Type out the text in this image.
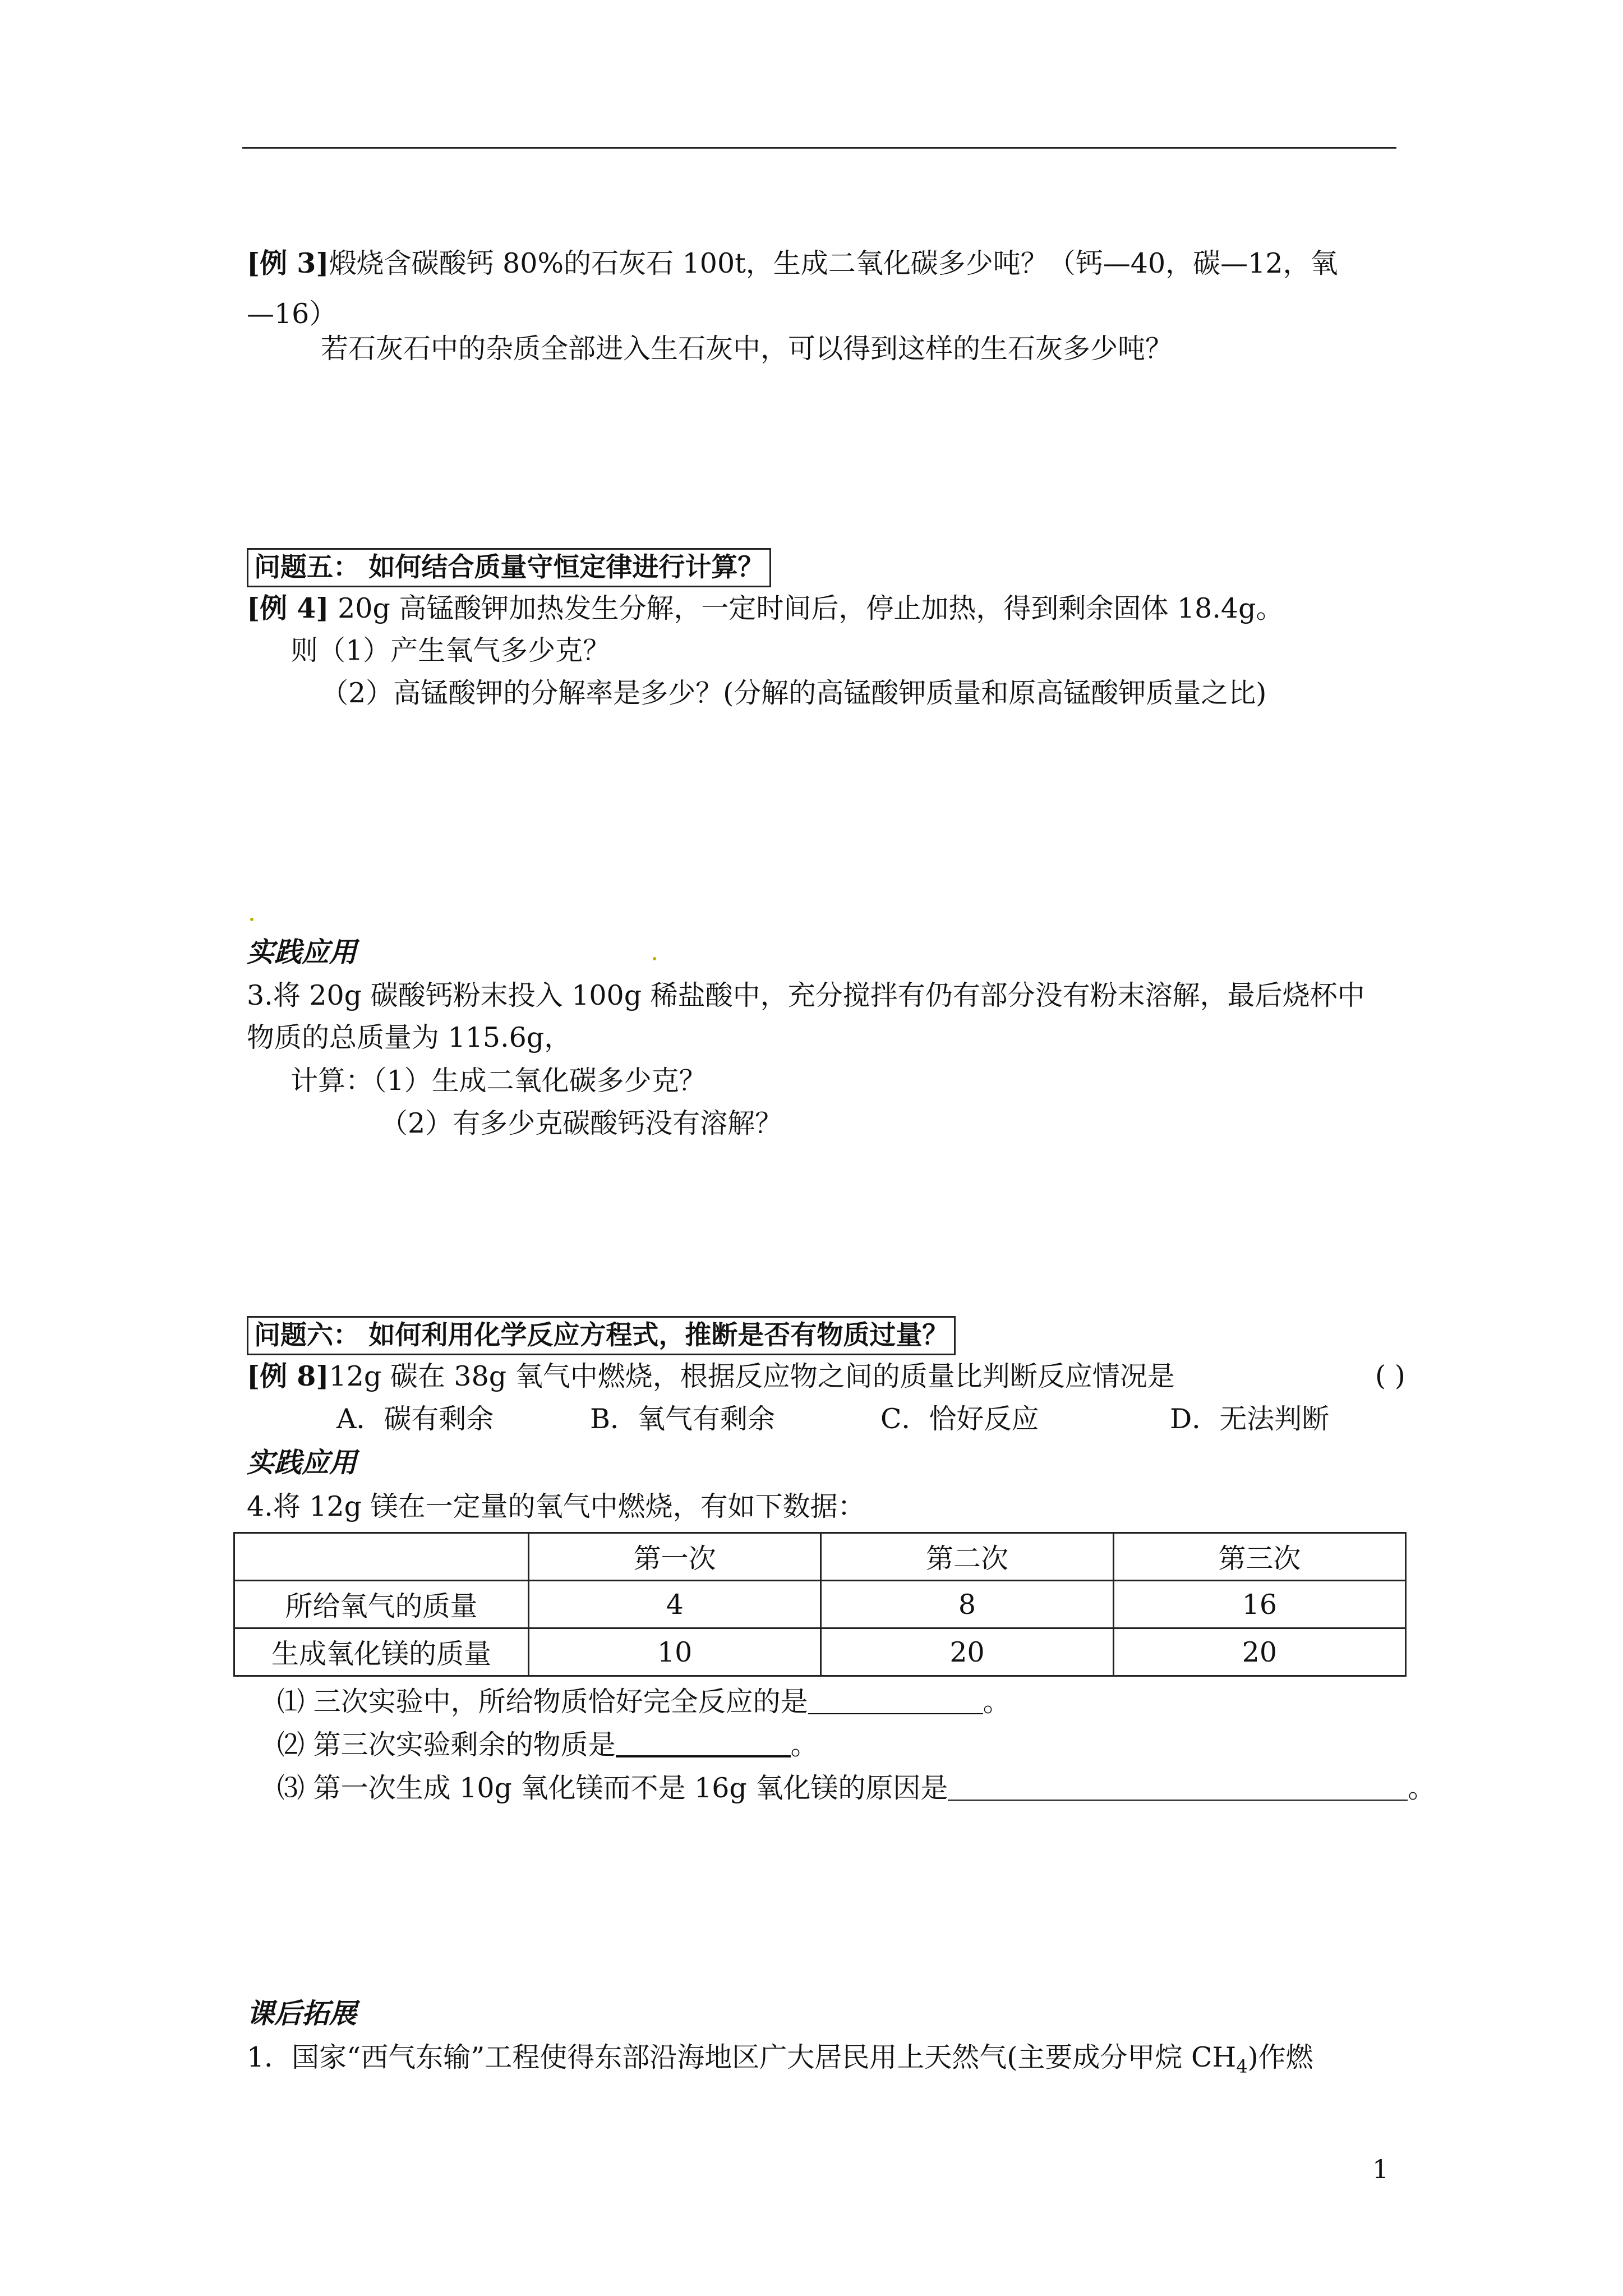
[例 3]煅烧含碳酸钙 80%的石灰石 100t，生成二氧化碳多少吨？（钙—40，碳—12，氧
—16）
若石灰石中的杂质全部进入生石灰中，可以得到这样的生石灰多少吨？
问题五： 如何结合质量守恒定律进行计算？
[例 4] 20g 高锰酸钾加热发生分解，一定时间后，停止加热，得到剩余固体 18.4g。
则（1）产生氧气多少克？
（2）高锰酸钾的分解率是多少？(分解的高锰酸钾质量和原高锰酸钾质量之比)
实践应用
3.将 20g 碳酸钙粉末投入 100g 稀盐酸中，充分搅拌有仍有部分没有粉末溶解，最后烧杯中
物质的总质量为 115.6g，
计算：（1）生成二氧化碳多少克？
（2）有多少克碳酸钙没有溶解？
问题六： 如何利用化学反应方程式，推断是否有物质过量？
[例 8]12g 碳在 38g 氧气中燃烧，根据反应物之间的质量比判断反应情况是	( )
A．碳有剩余	B．氧气有剩余	C．恰好反应	D．无法判断
实践应用
4.将 12g 镁在一定量的氧气中燃烧，有如下数据：
	第一次	第二次	第三次
所给氧气的质量	4	8	16
生成氧化镁的质量	10	20	20
⑴ 三次实验中，所给物质恰好完全反应的是	。
⑵ 第三次实验剩余的物质是	。
⑶ 第一次生成 10g 氧化镁而不是 16g 氧化镁的原因是	。
课后拓展
1．国家“西气东输”工程使得东部沿海地区广大居民用上天然气(主要成分甲烷 $CH_4$)作燃
1
